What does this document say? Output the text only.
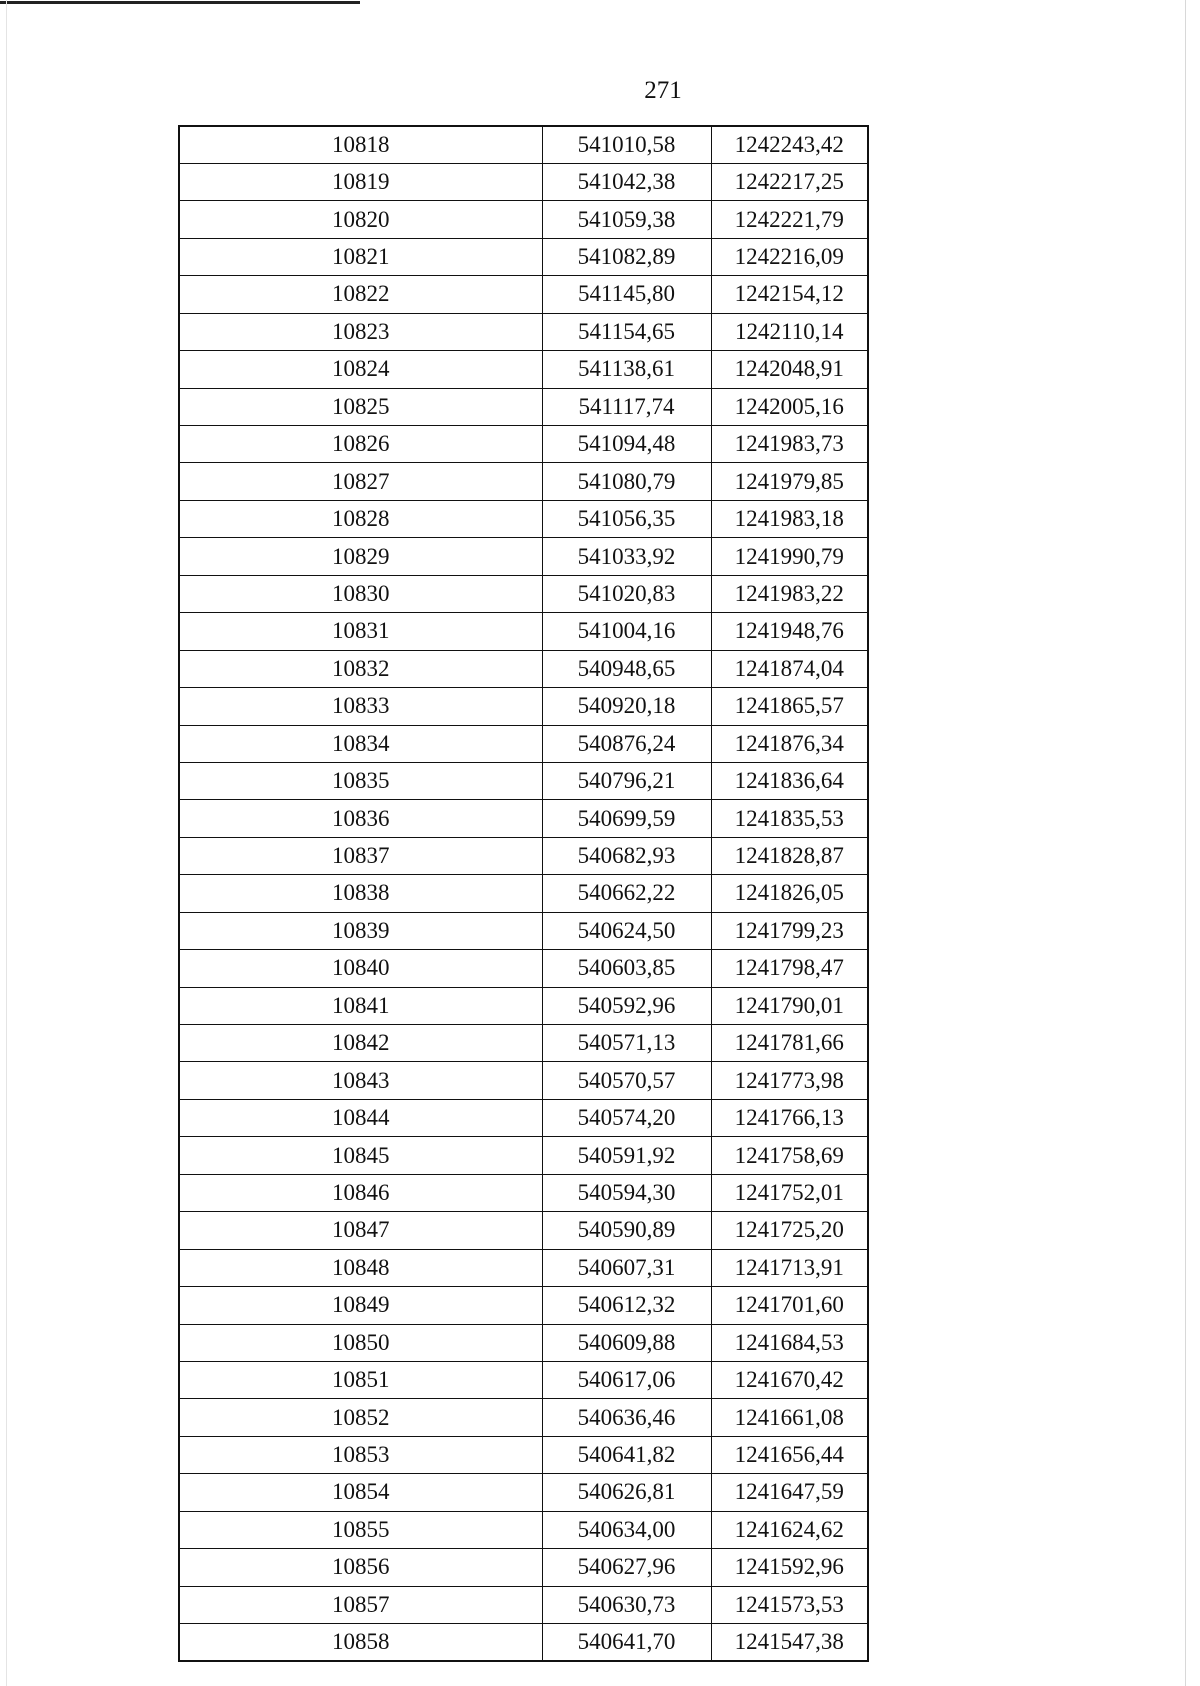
271
10818	541010,58	1242243,42
10819	541042,38	1242217,25
10820	541059,38	1242221,79
10821	541082,89	1242216,09
10822	541145,80	1242154,12
10823	541154,65	1242110,14
10824	541138,61	1242048,91
10825	541117,74	1242005,16
10826	541094,48	1241983,73
10827	541080,79	1241979,85
10828	541056,35	1241983,18
10829	541033,92	1241990,79
10830	541020,83	1241983,22
10831	541004,16	1241948,76
10832	540948,65	1241874,04
10833	540920,18	1241865,57
10834	540876,24	1241876,34
10835	540796,21	1241836,64
10836	540699,59	1241835,53
10837	540682,93	1241828,87
10838	540662,22	1241826,05
10839	540624,50	1241799,23
10840	540603,85	1241798,47
10841	540592,96	1241790,01
10842	540571,13	1241781,66
10843	540570,57	1241773,98
10844	540574,20	1241766,13
10845	540591,92	1241758,69
10846	540594,30	1241752,01
10847	540590,89	1241725,20
10848	540607,31	1241713,91
10849	540612,32	1241701,60
10850	540609,88	1241684,53
10851	540617,06	1241670,42
10852	540636,46	1241661,08
10853	540641,82	1241656,44
10854	540626,81	1241647,59
10855	540634,00	1241624,62
10856	540627,96	1241592,96
10857	540630,73	1241573,53
10858	540641,70	1241547,38
